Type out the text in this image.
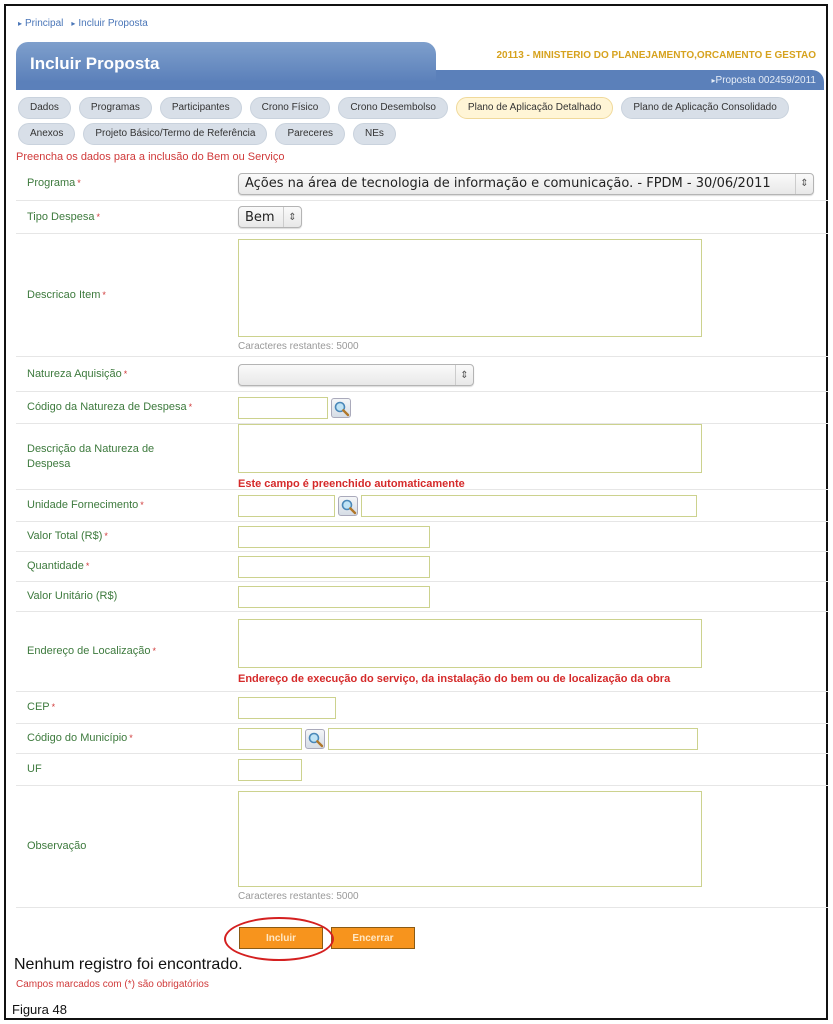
▸ Principal	▸ Incluir Proposta
Incluir Proposta	20113 - MINISTERIO DO PLANEJAMENTO,ORCAMENTO E GESTAO
▸ Proposta 002459/2011
Dados	Programas	Participantes	Crono Físico	Crono Desembolso	Plano de Aplicação Detalhado	Plano de Aplicação Consolidado
Anexos	Projeto Básico/Termo de Referência	Pareceres	NEs
Preencha os dados para a inclusão do Bem ou Serviço
Programa *	Ações na área de tecnologia de informação e comunicação. - FPDM - 30/06/2011	⇕
Tipo Despesa *	Bem	⇕
Descricao Item *
Caracteres restantes: 5000
Natureza Aquisição *	⇕
Código da Natureza de Despesa *
Descrição da Natureza de Despesa
Este campo é preenchido automaticamente
Unidade Fornecimento *
Valor Total (R$) *
Quantidade *
Valor Unitário (R$)
Endereço de Localização *
Endereço de execução do serviço, da instalação do bem ou de localização da obra
CEP *
Código do Município *
UF
Observação
Caracteres restantes: 5000
Incluir	Encerrar
Nenhum registro foi encontrado.
Campos marcados com (*) são obrigatórios
Figura 48
